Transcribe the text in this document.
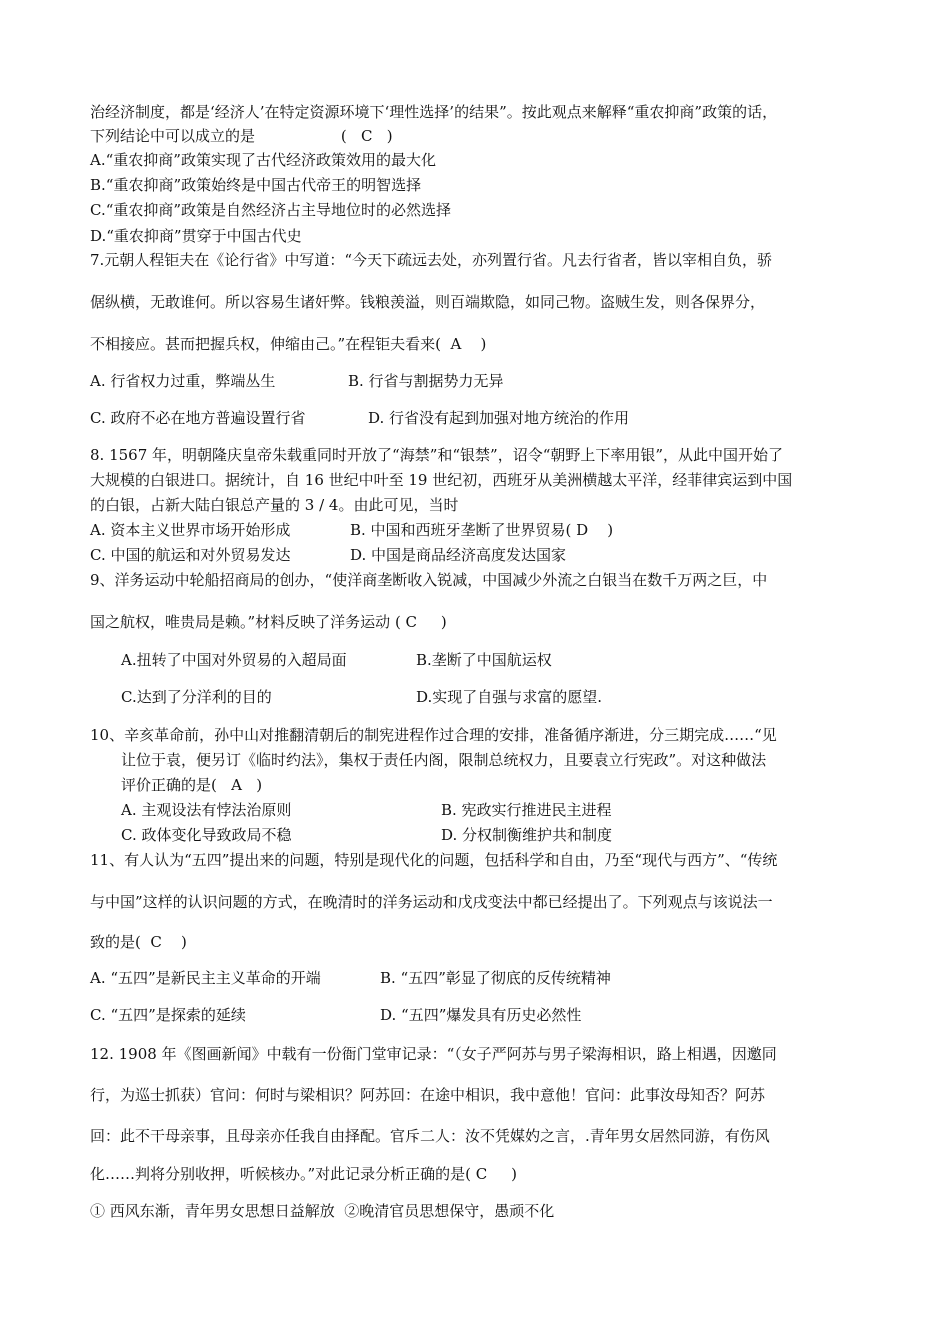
治经济制度，都是‘经济人’在特定资源环境下‘理性选择’的结果”。按此观点来解释“重农抑商”政策的话，
下列结论中可以成立的是                  (   C   )
A.“重农抑商”政策实现了古代经济政策效用的最大化
B.“重农抑商”政策始终是中国古代帝王的明智选择
C.“重农抑商”政策是自然经济占主导地位时的必然选择
D.“重农抑商”贯穿于中国古代史
7.元朝人程钜夫在《论行省》中写道：“今天下疏远去处，亦列置行省。凡去行省者，皆以宰相自负，骄
倨纵横，无敢谁何。所以容易生诸奸弊。钱粮羡溢，则百端欺隐，如同己物。盗贼生发，则各保界分，
不相接应。甚而把握兵权，伸缩由己。”在程钜夫看来(  A    )
A. 行省权力过重，弊端丛生	B. 行省与割据势力无异
C. 政府不必在地方普遍设置行省	D. 行省没有起到加强对地方统治的作用
8. 1567 年，明朝隆庆皇帝朱载重同时开放了“海禁”和“银禁”，诏令“朝野上下率用银”，从此中国开始了
大规模的白银进口。据统计，自 16 世纪中叶至 19 世纪初，西班牙从美洲横越太平洋，经菲律宾运到中国
的白银，占新大陆白银总产量的 3 / 4。由此可见，当时
A. 资本主义世界市场开始形成	B. 中国和西班牙垄断了世界贸易( D    )
C. 中国的航运和对外贸易发达	D. 中国是商品经济高度发达国家
9、洋务运动中轮船招商局的创办，“使洋商垄断收入锐减，中国减少外流之白银当在数千万两之巨，中
国之航权，唯贵局是赖。”材料反映了洋务运动 ( C     )
A.扭转了中国对外贸易的入超局面	B.垄断了中国航运权
C.达到了分洋利的目的	D.实现了自强与求富的愿望.
10、辛亥革命前，孙中山对推翻清朝后的制宪进程作过合理的安排，准备循序渐进，分三期完成……“见
让位于袁，便另订《临时约法》，集权于责任内阁，限制总统权力，且要袁立行宪政”。对这种做法
评价正确的是(   A   )
A. 主观设法有悖法治原则	B. 宪政实行推进民主进程
C. 政体变化导致政局不稳	D. 分权制衡维护共和制度
11、有人认为“五四”提出来的问题，特别是现代化的问题，包括科学和自由，乃至“现代与西方”、“传统
与中国”这样的认识问题的方式，在晚清时的洋务运动和戊戌变法中都已经提出了。下列观点与该说法一
致的是(  C    )
A. “五四”是新民主主义革命的开端	B. “五四”彰显了彻底的反传统精神
C. “五四”是探索的延续	D. “五四”爆发具有历史必然性
12. 1908 年《图画新闻》中载有一份衙门堂审记录：“（女子严阿苏与男子梁海相识，路上相遇，因邀同
行，为巡士抓获）官问：何时与梁相识？阿苏回：在途中相识，我中意他！官问：此事汝母知否？阿苏
回：此不干母亲事，且母亲亦任我自由择配。官斥二人：汝不凭媒妁之言，.青年男女居然同游，有伤风
化……判将分别收押，听候核办。”对此记录分析正确的是( C     )
① 西风东渐，青年男女思想日益解放  ②晚清官员思想保守，愚顽不化
